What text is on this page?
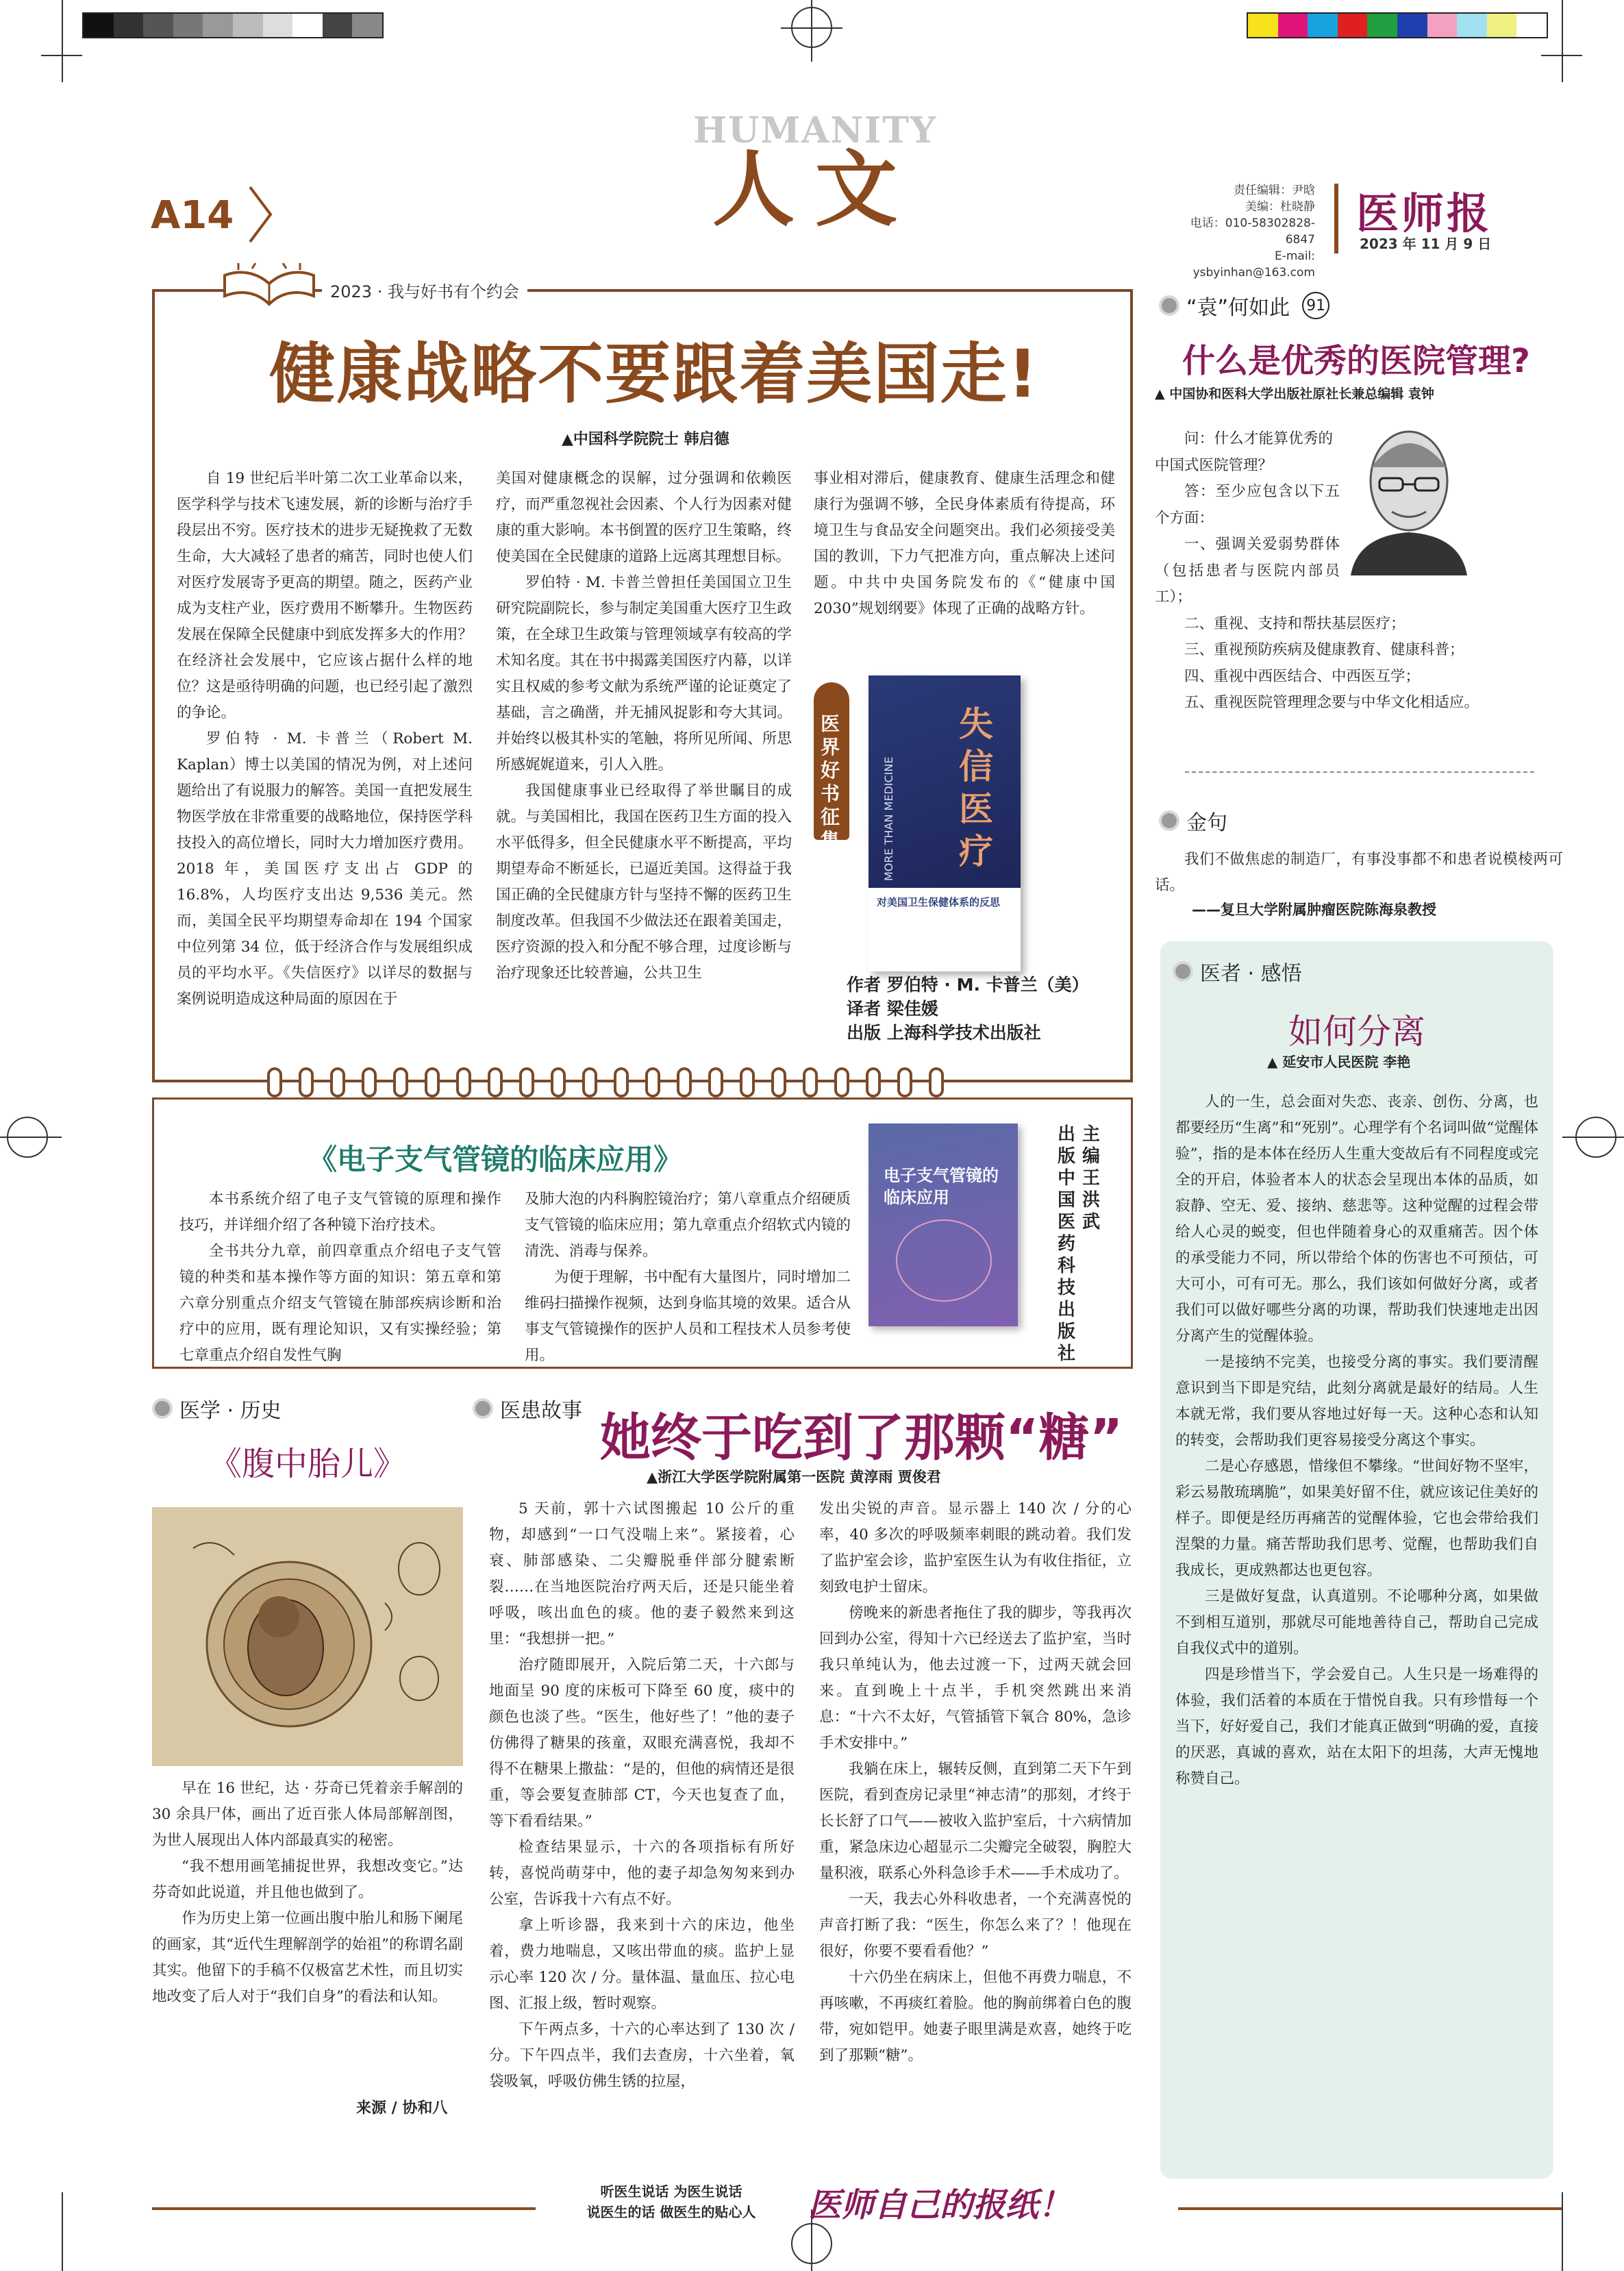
A14
HUMANITY
人文	责任编辑：尹晗
美编：杜晓静
电话：010-58302828-6847
E-mail: ysbyinhan@163.com
医师报
2023 年 11 月 9 日
2023 · 我与好书有个约会
健康战略不要跟着美国走!
▲中国科学院院士 韩启德

自 19 世纪后半叶第二次工业革命以来，医学科学与技术飞速发展，新的诊断与治疗手段层出不穷。医疗技术的进步无疑挽救了无数生命，大大减轻了患者的痛苦，同时也使人们对医疗发展寄予更高的期望。随之，医药产业成为支柱产业，医疗费用不断攀升。生物医药发展在保障全民健康中到底发挥多大的作用？在经济社会发展中，它应该占据什么样的地位？这是亟待明确的问题，也已经引起了激烈的争论。

罗伯特 · M. 卡普兰（Robert M. Kaplan）博士以美国的情况为例，对上述问题给出了有说服力的解答。美国一直把发展生物医学放在非常重要的战略地位，保持医学科技投入的高位增长，同时大力增加医疗费用。2018 年，美国医疗支出占 GDP 的 16.8%，人均医疗支出达 9,536 美元。然而，美国全民平均期望寿命却在 194 个国家中位列第 34 位，低于经济合作与发展组织成员的平均水平。《失信医疗》以详尽的数据与案例说明造成这种局面的原因在于

美国对健康概念的误解，过分强调和依赖医疗，而严重忽视社会因素、个人行为因素对健康的重大影响。本书倒置的医疗卫生策略，终使美国在全民健康的道路上远离其理想目标。

罗伯特 · M. 卡普兰曾担任美国国立卫生研究院副院长，参与制定美国重大医疗卫生政策，在全球卫生政策与管理领域享有较高的学术知名度。其在书中揭露美国医疗内幕，以详实且权威的参考文献为系统严谨的论证奠定了基础，言之确凿，并无捕风捉影和夸大其词。并始终以极其朴实的笔触，将所见所闻、所思所感娓娓道来，引人入胜。

我国健康事业已经取得了举世瞩目的成就。与美国相比，我国在医药卫生方面的投入水平低得多，但全民健康水平不断提高，平均期望寿命不断延长，已逼近美国。这得益于我国正确的全民健康方针与坚持不懈的医药卫生制度改革。但我国不少做法还在跟着美国走，医疗资源的投入和分配不够合理，过度诊断与治疗现象还比较普遍，公共卫生

事业相对滞后，健康教育、健康生活理念和健康行为强调不够，全民身体素质有待提高，环境卫生与食品安全问题突出。我们必须接受美国的教训，下力气把准方向，重点解决上述问题。中共中央国务院发布的《“健康中国 2030”规划纲要》体现了正确的战略方针。

医界好书征集
失信医疗
MORE THAN MEDICINE
对美国卫生保健体系的反思
作者 罗伯特 · M. 卡普兰（美）
译者 梁佳媛
出版 上海科学技术出版社
《电子支气管镜的临床应用》

本书系统介绍了电子支气管镜的原理和操作技巧，并详细介绍了各种镜下治疗技术。

全书共分九章，前四章重点介绍电子支气管镜的种类和基本操作等方面的知识：第五章和第六章分别重点介绍支气管镜在肺部疾病诊断和治疗中的应用，既有理论知识，又有实操经验；第七章重点介绍自发性气胸

及肺大泡的内科胸腔镜治疗；第八章重点介绍硬质支气管镜的临床应用；第九章重点介绍软式内镜的清洗、消毒与保养。

为便于理解，书中配有大量图片，同时增加二维码扫描操作视频，达到身临其境的效果。适合从事支气管镜操作的医护人员和工程技术人员参考使用。

电子支气管镜的临床应用
主编 王洪武
出版 中国医药科技出版社
医学 · 历史
《腹中胎儿》

早在 16 世纪，达 · 芬奇已凭着亲手解剖的 30 余具尸体，画出了近百张人体局部解剖图，为世人展现出人体内部最真实的秘密。

“我不想用画笔捕捉世界，我想改变它。”达芬奇如此说道，并且他也做到了。

作为历史上第一位画出腹中胎儿和肠下阑尾的画家，其“近代生理解剖学的始祖”的称谓名副其实。他留下的手稿不仅极富艺术性，而且切实地改变了后人对于“我们自身”的看法和认知。

来源 / 协和八
医患故事 她终于吃到了那颗“糖”
▲浙江大学医学院附属第一医院 黄淳雨 贾俊君

5 天前，郭十六试图搬起 10 公斤的重物，却感到“一口气没喘上来”。紧接着，心衰、肺部感染、二尖瓣脱垂伴部分腱索断裂……在当地医院治疗两天后，还是只能坐着呼吸，咳出血色的痰。他的妻子毅然来到这里：“我想拼一把。”

治疗随即展开，入院后第二天，十六郎与地面呈 90 度的床板可下降至 60 度，痰中的颜色也淡了些。“医生，他好些了！”他的妻子仿佛得了糖果的孩童，双眼充满喜悦，我却不得不在糖果上撒盐：“是的，但他的病情还是很重，等会要复查肺部 CT，今天也复查了血，等下看看结果。”

检查结果显示，十六的各项指标有所好转，喜悦尚萌芽中，他的妻子却急匆匆来到办公室，告诉我十六有点不好。

拿上听诊器，我来到十六的床边，他坐着，费力地喘息，又咳出带血的痰。监护上显示心率 120 次 / 分。量体温、量血压、拉心电图、汇报上级，暂时观察。

下午两点多，十六的心率达到了 130 次 / 分。下午四点半，我们去查房，十六坐着，氧袋吸氧，呼吸仿佛生锈的拉屋，

发出尖锐的声音。显示器上 140 次 / 分的心率，40 多次的呼吸频率刺眼的跳动着。我们发了监护室会诊，监护室医生认为有收住指征，立刻致电护士留床。

傍晚来的新患者拖住了我的脚步，等我再次回到办公室，得知十六已经送去了监护室，当时我只单纯认为，他去过渡一下，过两天就会回来。直到晚上十点半，手机突然跳出来消息：“十六不太好，气管插管下氧合 80%，急诊手术安排中。”

我躺在床上，辗转反侧，直到第二天下午到医院，看到查房记录里“神志清”的那刻，才终于长长舒了口气——被收入监护室后，十六病情加重，紧急床边心超显示二尖瓣完全破裂，胸腔大量积液，联系心外科急诊手术——手术成功了。

一天，我去心外科收患者，一个充满喜悦的声音打断了我：“医生，你怎么来了？！他现在很好，你要不要看看他？”

十六仍坐在病床上，但他不再费力喘息，不再咳嗽，不再痰红着脸。他的胸前绑着白色的腹带，宛如铠甲。她妻子眼里满是欢喜，她终于吃到了那颗“糖”。

“袁”何如此 91
什么是优秀的医院管理?
▲ 中国协和医科大学出版社原社长兼总编辑 袁钟

问：什么才能算优秀的中国式医院管理？

答：至少应包含以下五个方面：

一、强调关爱弱势群体（包括患者与医院内部员工）；

二、重视、支持和帮扶基层医疗；

三、重视预防疾病及健康教育、健康科普；

四、重视中西医结合、中西医互学；

五、重视医院管理理念要与中华文化相适应。

金句
我们不做焦虑的制造厂，有事没事都不和患者说模棱两可话。
——复旦大学附属肿瘤医院陈海泉教授
医者 · 感悟
如何分离
▲ 延安市人民医院 李艳

人的一生，总会面对失恋、丧亲、创伤、分离，也都要经历“生离”和“死别”。心理学有个名词叫做“觉醒体验”，指的是本体在经历人生重大变故后有不同程度或完全的开启，体验者本人的状态会呈现出本体的品质，如寂静、空无、爱、接纳、慈悲等。这种觉醒的过程会带给人心灵的蜕变，但也伴随着身心的双重痛苦。因个体的承受能力不同，所以带给个体的伤害也不可预估，可大可小，可有可无。那么，我们该如何做好分离，或者我们可以做好哪些分离的功课，帮助我们快速地走出因分离产生的觉醒体验。

一是接纳不完美，也接受分离的事实。我们要清醒意识到当下即是究结，此刻分离就是最好的结局。人生本就无常，我们要从容地过好每一天。这种心态和认知的转变，会帮助我们更容易接受分离这个事实。

二是心存感恩，惜缘但不攀缘。“世间好物不坚牢，彩云易散琉璃脆”，如果美好留不住，就应该记住美好的样子。即便是经历再痛苦的觉醒体验，它也会带给我们涅槃的力量。痛苦帮助我们思考、觉醒，也帮助我们自我成长，更成熟都达也更包容。

三是做好复盘，认真道别。不论哪种分离，如果做不到相互道别，那就尽可能地善待自己，帮助自己完成自我仪式中的道别。

四是珍惜当下，学会爱自己。人生只是一场难得的体验，我们活着的本质在于惜悦自我。只有珍惜每一个当下，好好爱自己，我们才能真正做到“明确的爱，直接的厌恶，真诚的喜欢，站在太阳下的坦荡，大声无愧地称赞自己。

听医生说话 为医生说话
说医生的话 做医生的贴心人	医师自己的报纸！
